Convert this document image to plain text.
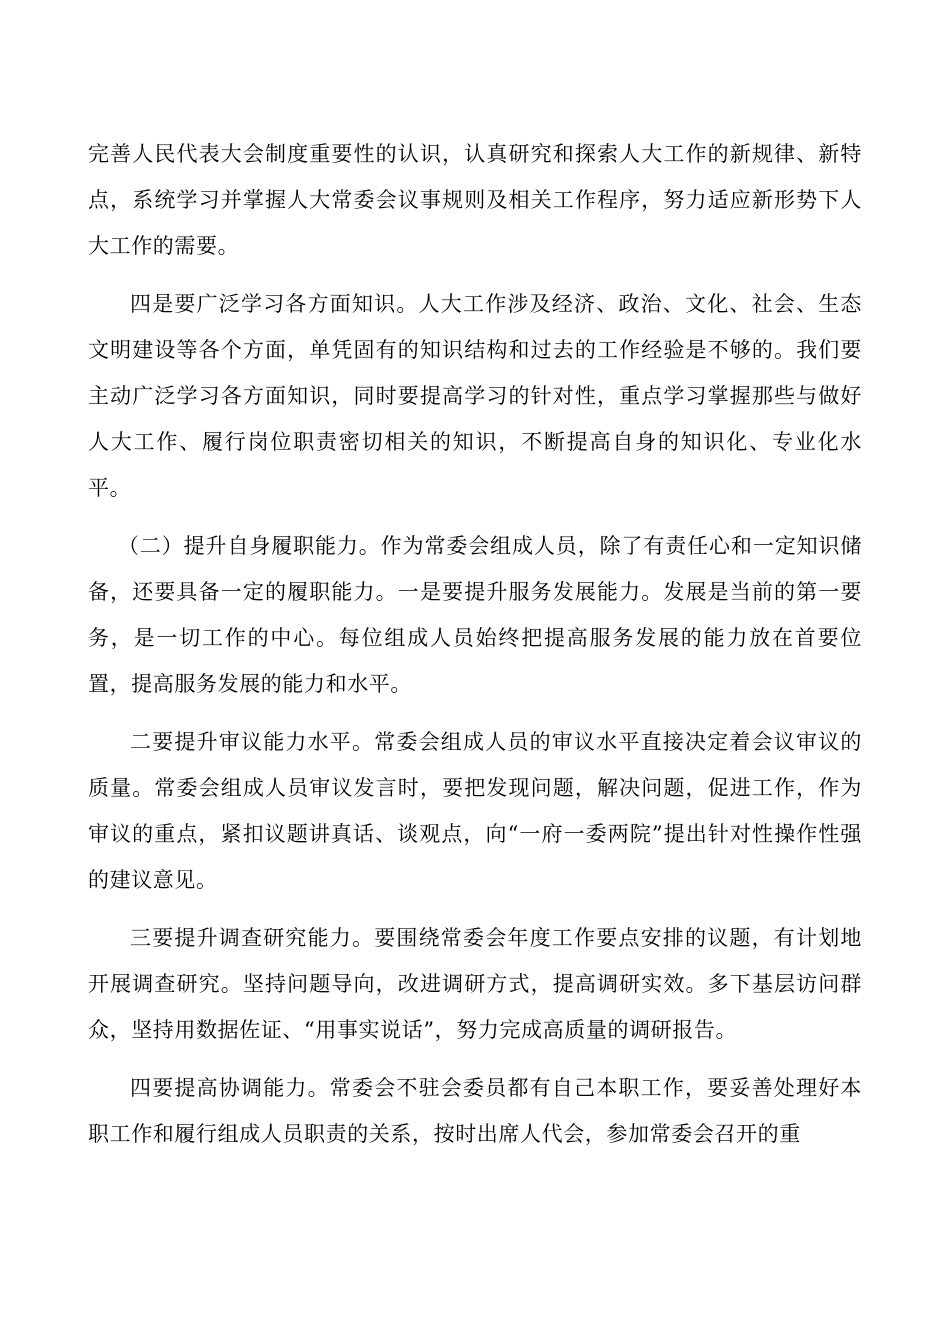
完善人民代表大会制度重要性的认识，认真研究和探索人大工作的新规律、新特点，系统学习并掌握人大常委会议事规则及相关工作程序，努力适应新形势下人大工作的需要。

四是要广泛学习各方面知识。人大工作涉及经济、政治、文化、社会、生态文明建设等各个方面，单凭固有的知识结构和过去的工作经验是不够的。我们要主动广泛学习各方面知识，同时要提高学习的针对性，重点学习掌握那些与做好人大工作、履行岗位职责密切相关的知识，不断提高自身的知识化、专业化水平。

（二）提升自身履职能力。作为常委会组成人员，除了有责任心和一定知识储备，还要具备一定的履职能力。一是要提升服务发展能力。发展是当前的第一要务，是一切工作的中心。每位组成人员始终把提高服务发展的能力放在首要位置，提高服务发展的能力和水平。

二要提升审议能力水平。常委会组成人员的审议水平直接决定着会议审议的质量。常委会组成人员审议发言时，要把发现问题，解决问题，促进工作，作为审议的重点，紧扣议题讲真话、谈观点，向“一府一委两院”提出针对性操作性强的建议意见。

三要提升调查研究能力。要围绕常委会年度工作要点安排的议题，有计划地开展调查研究。坚持问题导向，改进调研方式，提高调研实效。多下基层访问群众，坚持用数据佐证、“用事实说话”，努力完成高质量的调研报告。

四要提高协调能力。常委会不驻会委员都有自己本职工作，要妥善处理好本职工作和履行组成人员职责的关系，按时出席人代会，参加常委会召开的重
